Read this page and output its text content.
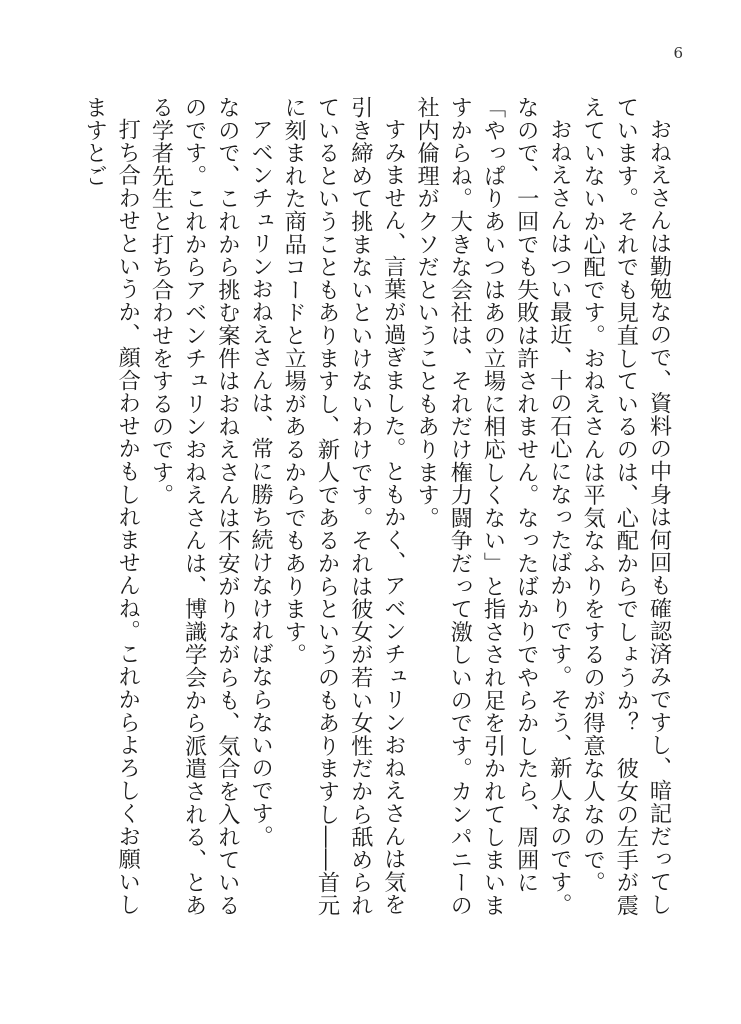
6

おねえさんは勤勉なので、資料の中身は何回も確認済みですし、暗記だってしています。それでも見直しているのは、心配からでしょうか？　彼女の左手が震えていないか心配です。おねえさんは平気なふりをするのが得意な人なので。

おねえさんはつい最近、十の石心になったばかりです。そう、新人なのです。なので、一回でも失敗は許されません。なったばかりでやらかしたら、周囲に「やっぱりあいつはあの立場に相応しくない」と指さされ足を引かれてしまいますからね。大きな会社は、それだけ権力闘争だって激しいのです。カンパニーの社内倫理がクソだということもあります。

すみません、言葉が過ぎました。ともかく、アベンチュリンおねえさんは気を引き締めて挑まないといけないわけです。それは彼女が若い女性だから舐められているということもありますし、新人であるからというのもありますし――首元に刻まれた商品コードと立場があるからでもあります。

アベンチュリンおねえさんは、常に勝ち続けなければならないのです。

なので、これから挑む案件はおねえさんは不安がりながらも、気合を入れているのです。これからアベンチュリンおねえさんは、博識学会から派遣される、とある学者先生と打ち合わせをするのです。

打ち合わせというか、顔合わせかもしれませんね。これからよろしくお願いしますとご
